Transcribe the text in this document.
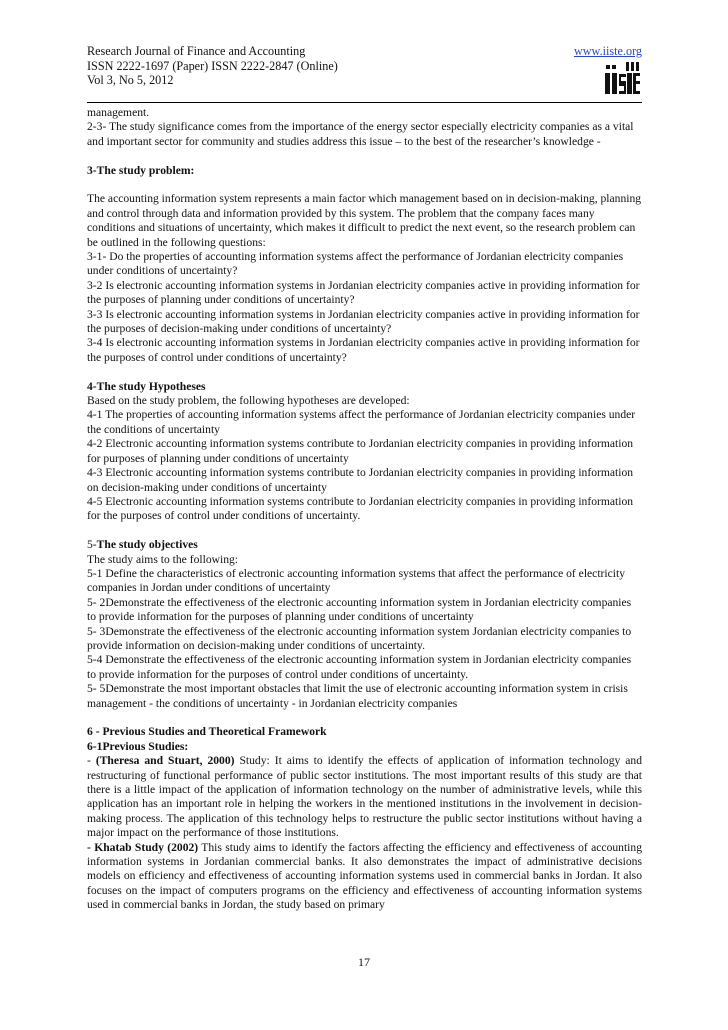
Research Journal of Finance and Accounting
ISSN 2222-1697 (Paper) ISSN 2222-2847 (Online)
Vol 3, No 5, 2012
www.iiste.org

management.

2-3- The study significance comes from the importance of the energy sector especially electricity companies as a vital and important sector for community and studies address this issue – to the best of the researcher’s knowledge -

3-The study problem:

The accounting information system represents a main factor which management based on in decision-making, planning and control through data and information provided by this system. The problem that the company faces many conditions and situations of uncertainty, which makes it difficult to predict the next event, so the research problem can be outlined in the following questions:

3-1- Do the properties of accounting information systems affect the performance of Jordanian electricity companies under conditions of uncertainty?

3-2 Is electronic accounting information systems in Jordanian electricity companies active in providing information for the purposes of planning under conditions of uncertainty?

3-3 Is electronic accounting information systems in Jordanian electricity companies active in providing information for the purposes of decision-making under conditions of uncertainty?

3-4 Is electronic accounting information systems in Jordanian electricity companies active in providing information for the purposes of control under conditions of uncertainty?

4-The study Hypotheses

Based on the study problem, the following hypotheses are developed:

4-1 The properties of accounting information systems affect the performance of Jordanian electricity companies under the conditions of uncertainty

4-2 Electronic accounting information systems contribute to Jordanian electricity companies in providing information for purposes of planning under conditions of uncertainty

4-3 Electronic accounting information systems contribute to Jordanian electricity companies in providing information on decision-making under conditions of uncertainty

4-5 Electronic accounting information systems contribute to Jordanian electricity companies in providing information for the purposes of control under conditions of uncertainty.

5-The study objectives

The study aims to the following:

5-1 Define the characteristics of electronic accounting information systems that affect the performance of electricity companies in Jordan under conditions of uncertainty

5- 2Demonstrate the effectiveness of the electronic accounting information system in Jordanian electricity companies to provide information for the purposes of planning under conditions of uncertainty

5- 3Demonstrate the effectiveness of the electronic accounting information system Jordanian electricity companies to provide information on decision-making under conditions of uncertainty.

5-4 Demonstrate the effectiveness of the electronic accounting information system in Jordanian electricity companies to provide information for the purposes of control under conditions of uncertainty.

5- 5Demonstrate the most important obstacles that limit the use of electronic accounting information system in crisis management - the conditions of uncertainty - in Jordanian electricity companies

6 - Previous Studies and Theoretical Framework

6-1Previous Studies:

- (Theresa and Stuart, 2000) Study: It aims to identify the effects of application of information technology and restructuring of functional performance of public sector institutions. The most important results of this study are that there is a little impact of the application of information technology on the number of administrative levels, while this application has an important role in helping the workers in the mentioned institutions in the involvement in decision-making process. The application of this technology helps to restructure the public sector institutions without having a major impact on the performance of those institutions.

- Khatab Study (2002) This study aims to identify the factors affecting the efficiency and effectiveness of accounting information systems in Jordanian commercial banks. It also demonstrates the impact of administrative decisions models on efficiency and effectiveness of accounting information systems used in commercial banks in Jordan. It also focuses on the impact of computers programs on the efficiency and effectiveness of accounting information systems used in commercial banks in Jordan, the study based on primary

17
